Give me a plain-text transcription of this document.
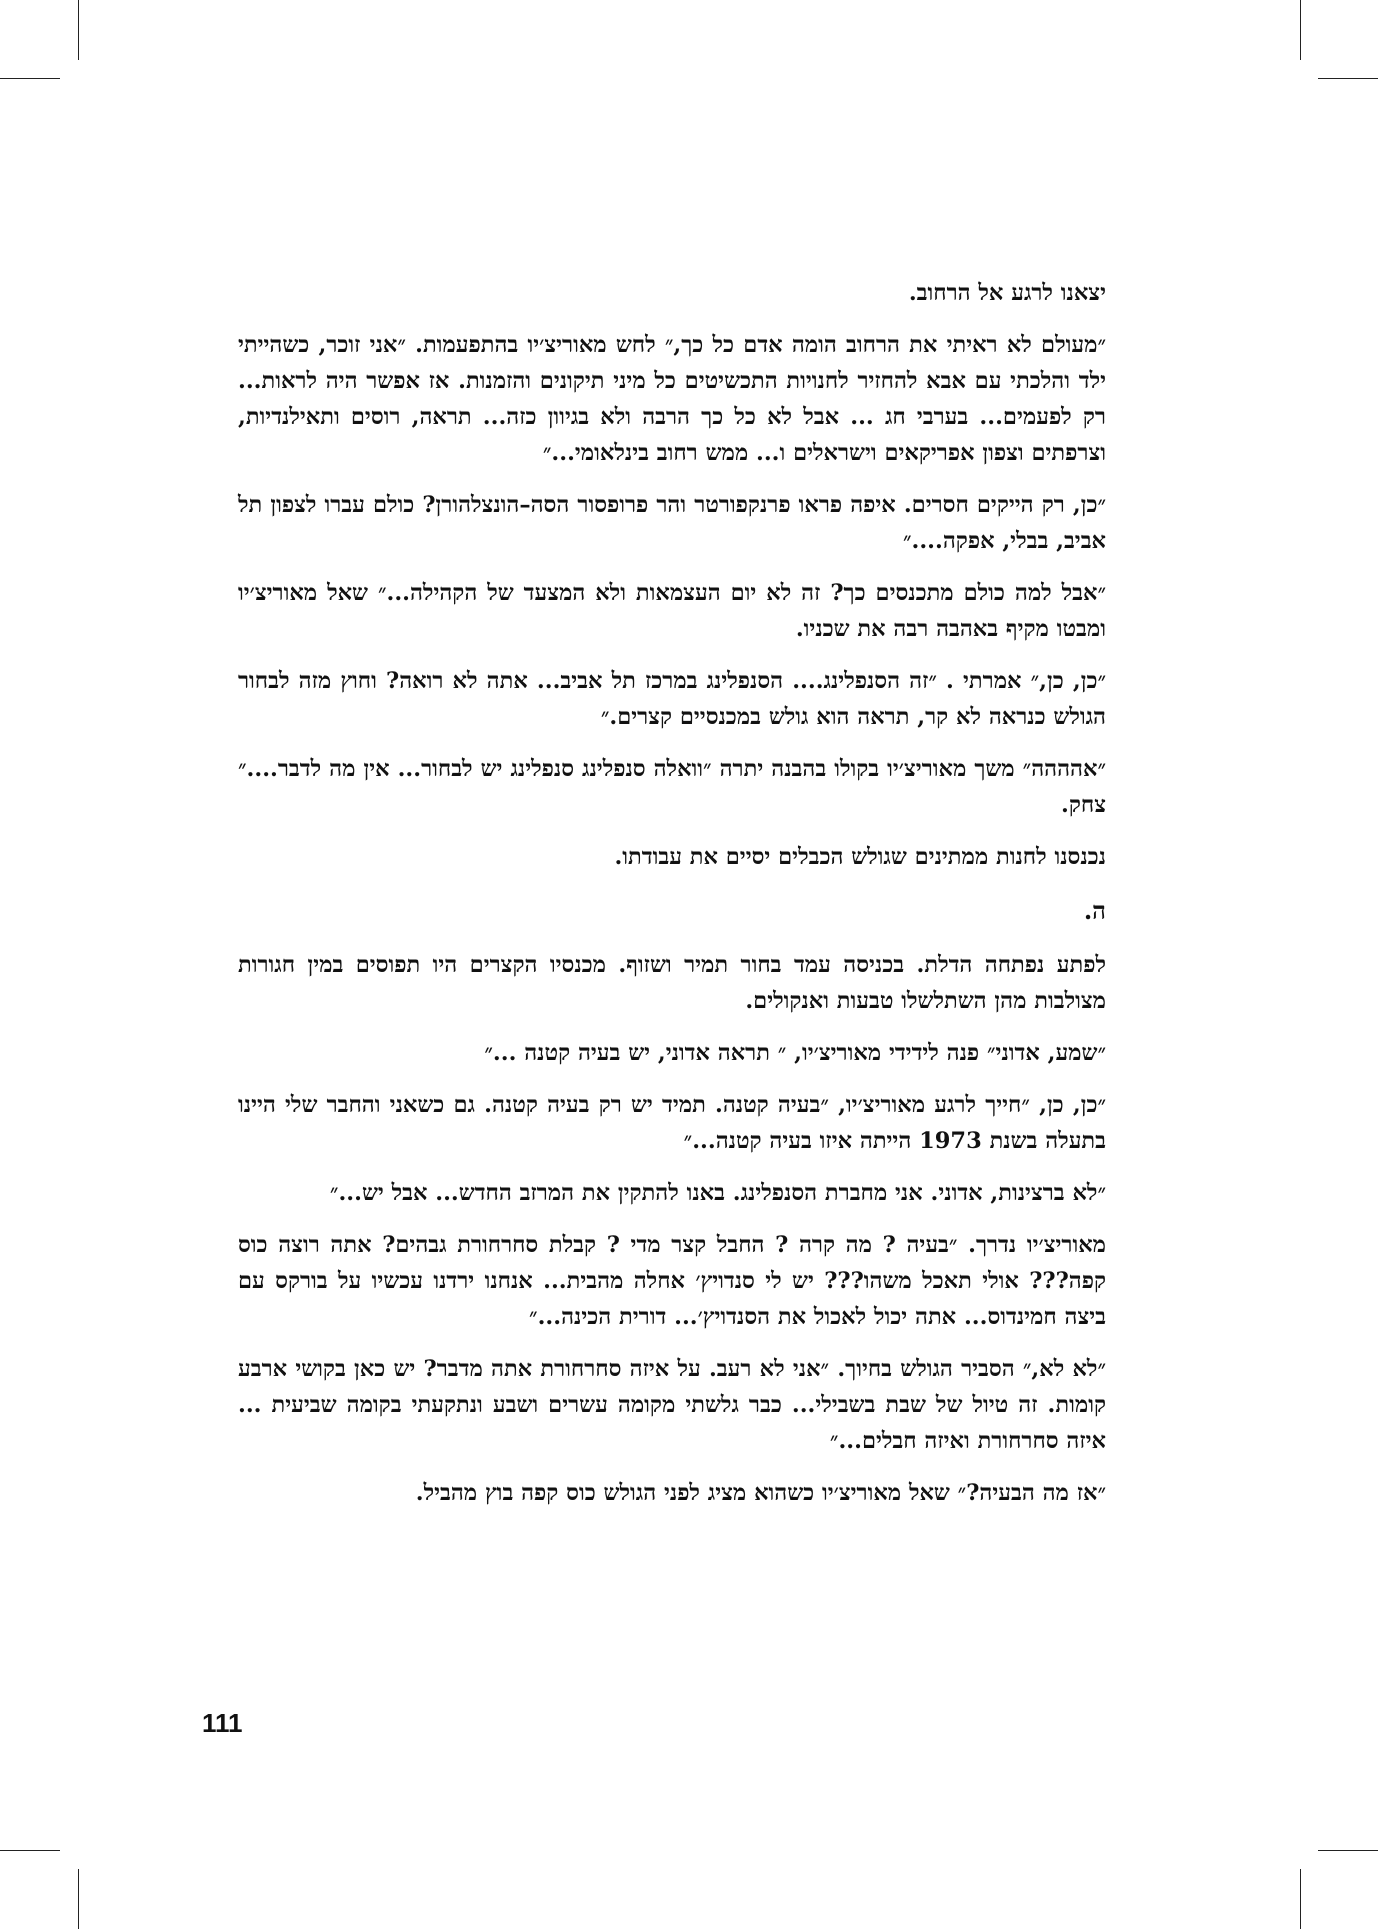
יצאנו לרגע אל הרחוב.

״מעולם לא ראיתי את הרחוב הומה אדם כל כך,״ לחש מאוריצ׳יו בהתפעמות. ״אני זוכר, כשהייתי ילד והלכתי עם אבא להחזיר לחנויות התכשיטים כל מיני תיקונים והזמנות. אז אפשר היה לראות... רק לפעמים... בערבי חג ... אבל לא כל כך הרבה ולא בגיוון כזה... תראה, רוסים ותאילנדיות, וצרפתים וצפון אפריקאים וישראלים ו... ממש רחוב בינלאומי...״

״כן, רק הייקים חסרים. איפה פראו פרנקפורטר והר פרופסור הסה–הונצלהורן? כולם עברו לצפון תל אביב, בבלי, אפקה....״

״אבל למה כולם מתכנסים כך? זה לא יום העצמאות ולא המצעד של הקהילה...״ שאל מאוריצ׳יו ומבטו מקיף באהבה רבה את שכניו.

״כן, כן,״ אמרתי . ״זה הסנפלינג.... הסנפלינג במרכז תל אביב... אתה לא רואה? וחוץ מזה לבחור הגולש כנראה לא קר, תראה הוא גולש במכנסיים קצרים.״

״אהההה״ משך מאוריצ׳יו בקולו בהבנה יתרה ״וואלה סנפלינג סנפלינג יש לבחור... אין מה לדבר....״ צחק.

נכנסנו לחנות ממתינים שגולש הכבלים יסיים את עבודתו.

ה.

לפתע נפתחה הדלת. בכניסה עמד בחור תמיר ושזוף. מכנסיו הקצרים היו תפוסים במין חגורות מצולבות מהן השתלשלו טבעות ואנקולים.

״שמע, אדוני״ פנה לידידי מאוריצ׳יו, ״ תראה אדוני, יש בעיה קטנה ...״

״כן, כן, ״חייך לרגע מאוריצ׳יו, ״בעיה קטנה. תמיד יש רק בעיה קטנה. גם כשאני והחבר שלי היינו בתעלה בשנת 1973 הייתה איזו בעיה קטנה...״

״לא ברצינות, אדוני. אני מחברת הסנפלינג. באנו להתקין את המרזב החדש... אבל יש...״

מאוריצ׳יו נדרך. ״בעיה ? מה קרה ? החבל קצר מדי ? קבלת סחרחורת גבהים? אתה רוצה כוס קפה??? אולי תאכל משהו??? יש לי סנדויץ׳ אחלה מהבית... אנחנו ירדנו עכשיו על בורקס עם ביצה חמינדוס... אתה יכול לאכול את הסנדויץ׳... דורית הכינה...״

״לא לא,״ הסביר הגולש בחיוך. ״אני לא רעב. על איזה סחרחורת אתה מדבר? יש כאן בקושי ארבע קומות. זה טיול של שבת בשבילי... כבר גלשתי מקומה עשרים ושבע ונתקעתי בקומה שביעית ... איזה סחרחורת ואיזה חבלים...״

״אז מה הבעיה?״ שאל מאוריצ׳יו כשהוא מציג לפני הגולש כוס קפה בוץ מהביל.

111
